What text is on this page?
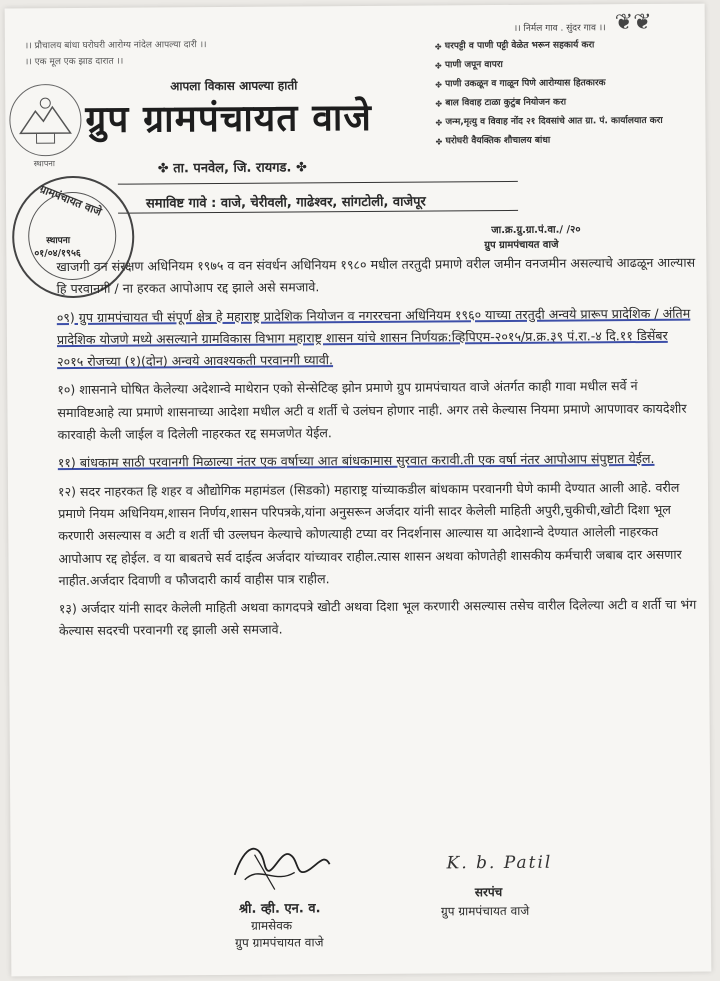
❦❦
।। प्रौचालय बांधा घरोघरी आरोग्य नांदेल आपल्या दारी ।।
।। एक मूल एक झाड दारात ।।
स्थापना
आपला विकास आपल्या हाती
ग्रुप ग्रामपंचायत वाजे
✤ ता. पनवेल, जि. रायगड. ✤
समाविष्ट गावे : वाजे, चेरीवली, गाढेश्वर, सांगटोली, वाजेपूर
।। निर्मल गाव . सुंदर गाव ।।
✤ घरपट्टी व पाणी पट्टी वेळेत भरून सहकार्य करा
✤ पाणी जपून वापरा
✤ पाणी उकळून व गाळून पिणे आरोग्यास हितकारक
✤ बाल विवाह टाळा कुटुंब नियोजन करा
✤ जन्म,मृत्यु व विवाह नोंद २१ दिवसांचे आत ग्रा. पं. कार्यालयात करा
✤ घरोघरी वैयक्तिक शौचालय बांधा
ग्रामपंचायत वाजे
स्थापना
०१/०४/१९५६
जा.क्र.ग्रु.ग्रा.पं.वा./ /२०
ग्रुप ग्रामपंचायत वाजे

खाजगी वन संरक्षण अधिनियम १९७५ व वन संवर्धन अधिनियम १९८० मधील तरतुदी प्रमाणे वरील जमीन वनजमीन असल्याचे आढळून आल्यास हि परवानगी / ना हरकत आपोआप रद्द झाले असे समजावे.

०९) ग्रुप ग्रामपंचायत ची संपूर्ण क्षेत्र हे महाराष्ट्र प्रादेशिक नियोजन व नगररचना अधिनियम १९६० याच्या तरतुदी अन्वये प्रारूप प्रादेशिक / अंतिम प्रादेशिक योजणे मध्ये असल्याने ग्रामविकास विभाग महाराष्ट्र शासन यांचे शासन निर्णयक्र:व्हिपिएम-२०१५/प्र.क्र.३९ पं.रा.-४ दि.११ डिसेंबर २०१५ रोजच्या (१)(दोन) अन्वये आवश्यकती परवानगी घ्यावी.

१०) शासनाने घोषित केलेल्या अदेशान्वे माथेरान एको सेन्सेटिव्ह झोन प्रमाणे ग्रुप ग्रामपंचायत वाजे अंतर्गत काही गावा मधील सर्वे नं समाविष्टआहे त्या प्रमाणे शासनाच्या आदेशा मधील अटी व शर्ती चे उलंघन होणार नाही. अगर तसे केल्यास नियमा प्रमाणे आपणावर कायदेशीर कारवाही केली जाईल व दिलेली नाहरकत रद्द समजणेत येईल.

११) बांधकाम साठी परवानगी मिळाल्या नंतर एक वर्षाच्या आत बांधकामास सुरवात करावी.ती एक वर्षा नंतर आपोआप संपुष्टात येईल.

१२) सदर नाहरकत हि शहर व औद्योगिक महामंडल (सिडको) महाराष्ट्र यांच्याकडील बांधकाम परवानगी घेणे कामी देण्यात आली आहे. वरील प्रमाणे नियम अधिनियम,शासन निर्णय,शासन परिपत्रके,यांना अनुसरून अर्जदार यांनी सादर केलेली माहिती अपुरी,चुकीची,खोटी दिशा भूल करणारी असल्यास व अटी व शर्ती ची उल्लघन केल्याचे कोणत्याही टप्या वर निदर्शनास आल्यास या आदेशान्वे देण्यात आलेली नाहरकत आपोआप रद्द होईल. व या बाबतचे सर्व दाईत्व अर्जदार यांच्यावर राहील.त्यास शासन अथवा कोणतेही शासकीय कर्मचारी जबाब दार असणार नाहीत.अर्जदार दिवाणी व फौजदारी कार्य वाहीस पात्र राहील.

१३) अर्जदार यांनी सादर केलेली माहिती अथवा कागदपत्रे खोटी अथवा दिशा भूल करणारी असल्यास तसेच वारील दिलेल्या अटी व शर्ती चा भंग केल्यास सदरची परवानगी रद्द झाली असे समजावे.

श्री. व्ही. एन. व.
ग्रामसेवक
ग्रुप ग्रामपंचायत वाजे
K. b. Patil
सरपंच
ग्रुप ग्रामपंचायत वाजे
